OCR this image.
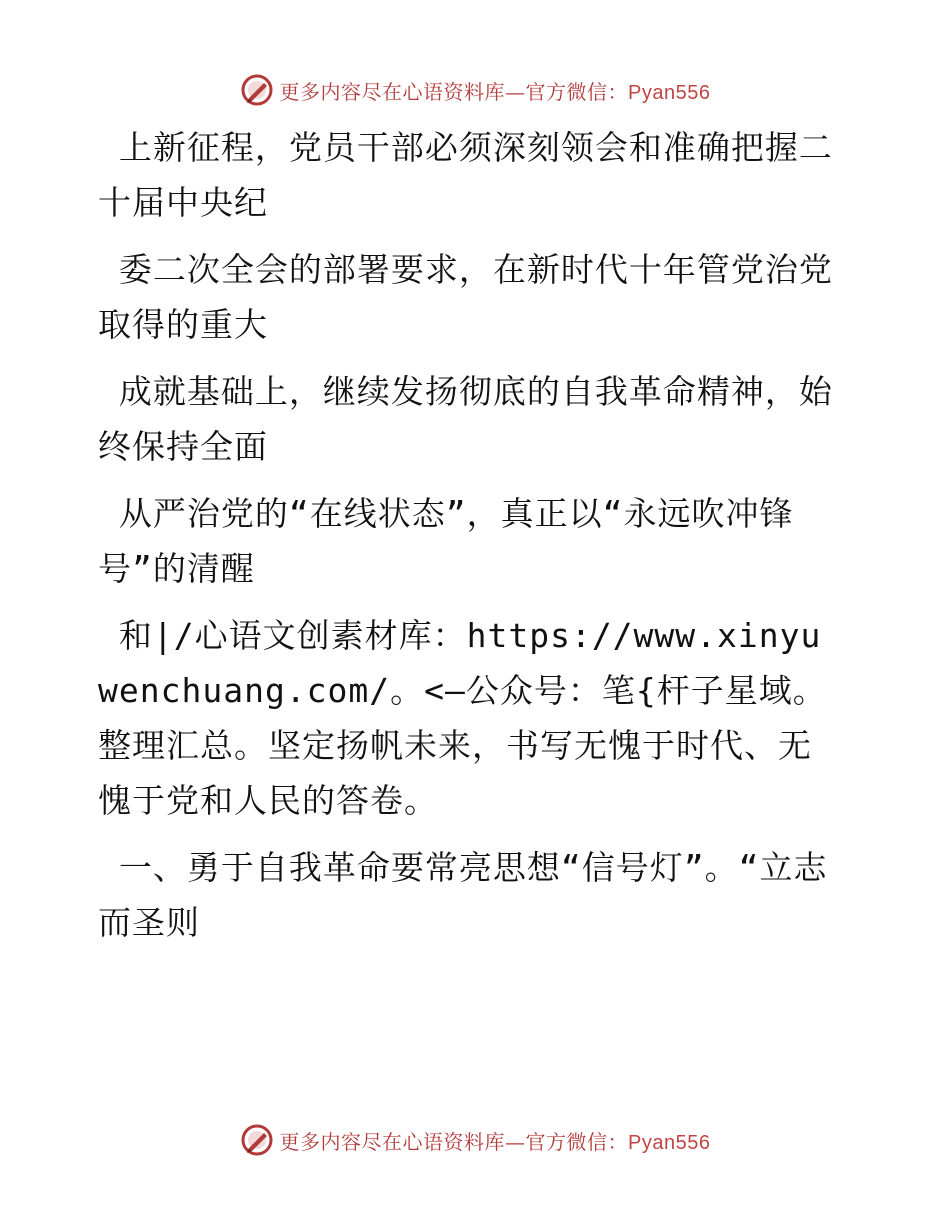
更多内容尽在心语资料库—官方微信：Pyan556

上新征程，党员干部必须深刻领会和准确把握二十届中央纪

委二次全会的部署要求，在新时代十年管党治党取得的重大

成就基础上，继续发扬彻底的自我革命精神，始终保持全面

从严治党的“在线状态”，真正以“永远吹冲锋号”的清醒

和|/心语文创素材库：https://www.xinyuwenchuang.com/。<—公众号：笔{杆子星域。整理汇总。坚定扬帆未来，书写无愧于时代、无愧于党和人民的答卷。

一、勇于自我革命要常亮思想“信号灯”。“立志而圣则

更多内容尽在心语资料库—官方微信：Pyan556
